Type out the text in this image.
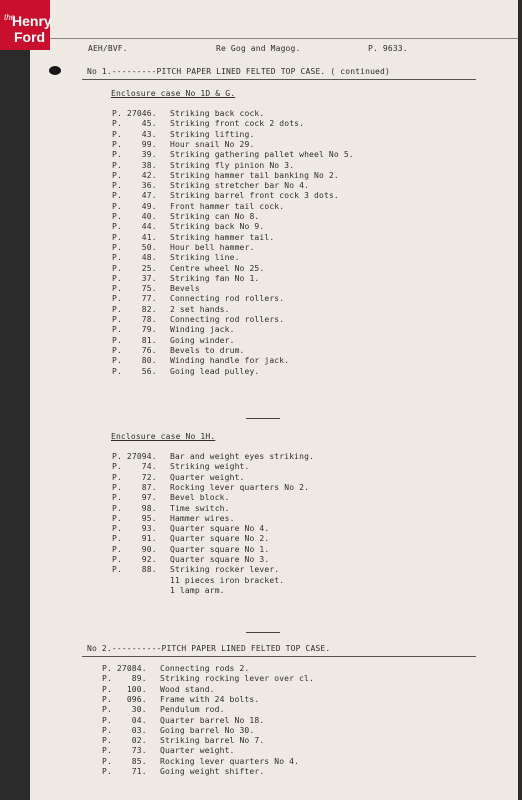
the
Henry
Ford
AEH/BVF.	Re Gog and Magog.	P. 9633.
No 1.---------PITCH PAPER LINED FELTED TOP CASE. ( continued)
Enclosure case No 1D & G.
P. 27046. Striking back cock.
P.    45. Striking front cock 2 dots.
P.    43. Striking lifting.
P.    99. Hour snail No 29.
P.    39. Striking gathering pallet wheel No 5.
P.    38. Striking fly pinion No 3.
P.    42. Striking hammer tail banking No 2.
P.    36. Striking stretcher bar No 4.
P.    47. Striking barrel front cock 3 dots.
P.    49. Front hammer tail cock.
P.    40. Striking can No 8.
P.    44. Striking back No 9.
P.    41. Striking hammer tail.
P.    50. Hour bell hammer.
P.    48. Striking line.
P.    25. Centre wheel No 25.
P.    37. Striking fan No 1.
P.    75. Bevels
P.    77. Connecting rod rollers.
P.    82. 2 set hands.
P.    78. Connecting rod rollers.
P.    79. Winding jack.
P.    81. Going winder.
P.    76. Bevels to drum.
P.    80. Winding handle for jack.
P.    56. Going lead pulley.
Enclosure case No 1H.
P. 27094. Bar and weight eyes striking.
P.    74. Striking weight.
P.    72. Quarter weight.
P.    87. Rocking lever quarters No 2.
P.    97. Bevel block.
P.    98. Time switch.
P.    95. Hammer wires.
P.    93. Quarter square No 4.
P.    91. Quarter square No 2.
P.    90. Quarter square No 1.
P.    92. Quarter square No 3.
P.    88. Striking rocker lever.
11 pieces iron bracket.
1 lamp arm.
No 2.----------PITCH PAPER LINED FELTED TOP CASE.
P. 27084. Connecting rods 2.
P.    89. Striking rocking lever over cl.
P.   100. Wood stand.
P.   096. Frame with 24 bolts.
P.    30. Pendulum rod.
P.    04. Quarter barrel No 18.
P.    03. Going barrel No 30.
P.    02. Striking barrel No 7.
P.    73. Quarter weight.
P.    85. Rocking lever quarters No 4.
P.    71. Going weight shifter.
